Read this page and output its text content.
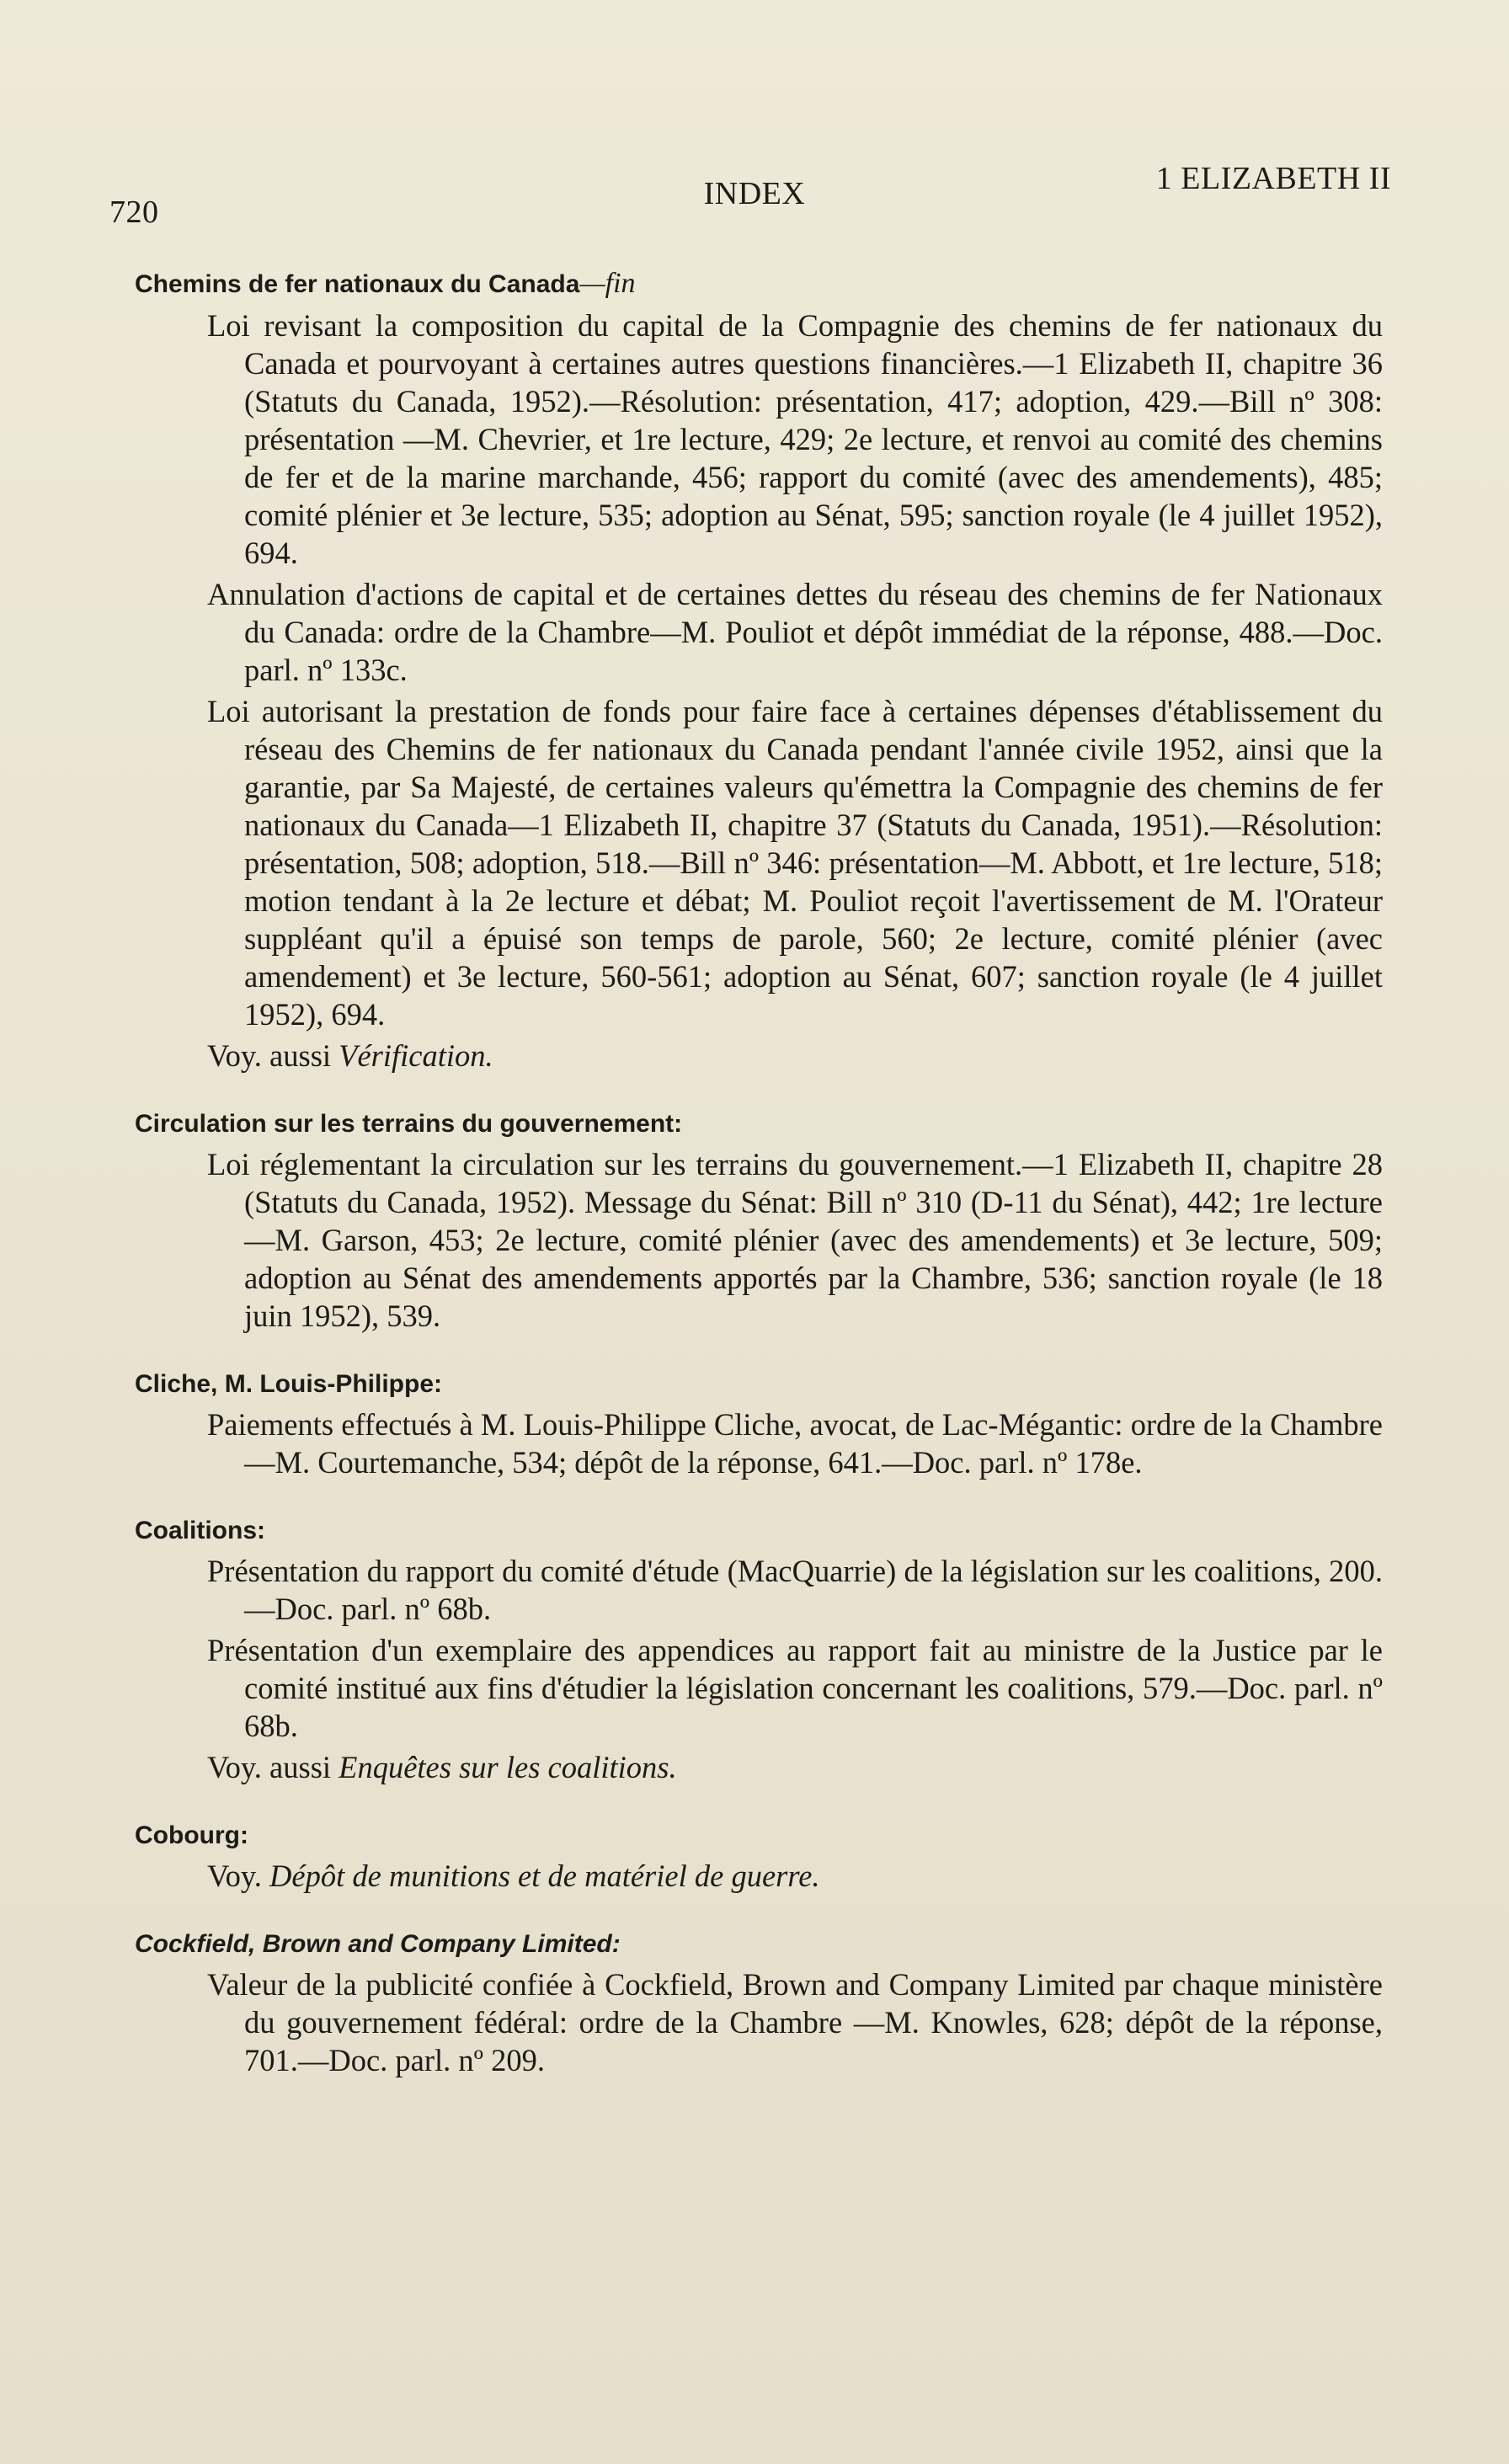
720
INDEX	1 ELIZABETH II
Chemins de fer nationaux du Canada—fin

Loi revisant la composition du capital de la Compagnie des chemins de fer nationaux du Canada et pourvoyant à certaines autres questions financières.—1 Elizabeth II, chapitre 36 (Statuts du Canada, 1952).—Résolution: présentation, 417; adoption, 429.—Bill nº 308: présentation —M. Chevrier, et 1re lecture, 429; 2e lecture, et renvoi au comité des chemins de fer et de la marine marchande, 456; rapport du comité (avec des amendements), 485; comité plénier et 3e lecture, 535; adoption au Sénat, 595; sanction royale (le 4 juillet 1952), 694.

Annulation d'actions de capital et de certaines dettes du réseau des chemins de fer Nationaux du Canada: ordre de la Chambre—M. Pouliot et dépôt immédiat de la réponse, 488.—Doc. parl. nº 133c.

Loi autorisant la prestation de fonds pour faire face à certaines dépenses d'établissement du réseau des Chemins de fer nationaux du Canada pendant l'année civile 1952, ainsi que la garantie, par Sa Majesté, de certaines valeurs qu'émettra la Compagnie des chemins de fer nationaux du Canada—1 Elizabeth II, chapitre 37 (Statuts du Canada, 1951).—Résolution: présentation, 508; adoption, 518.—Bill nº 346: présentation—M. Abbott, et 1re lecture, 518; motion tendant à la 2e lecture et débat; M. Pouliot reçoit l'avertissement de M. l'Orateur suppléant qu'il a épuisé son temps de parole, 560; 2e lecture, comité plénier (avec amendement) et 3e lecture, 560-561; adoption au Sénat, 607; sanction royale (le 4 juillet 1952), 694.

Voy. aussi Vérification.

Circulation sur les terrains du gouvernement:

Loi réglementant la circulation sur les terrains du gouvernement.—1 Elizabeth II, chapitre 28 (Statuts du Canada, 1952). Message du Sénat: Bill nº 310 (D-11 du Sénat), 442; 1re lecture—M. Garson, 453; 2e lecture, comité plénier (avec des amendements) et 3e lecture, 509; adoption au Sénat des amendements apportés par la Chambre, 536; sanction royale (le 18 juin 1952), 539.

Cliche, M. Louis-Philippe:

Paiements effectués à M. Louis-Philippe Cliche, avocat, de Lac-Mégantic: ordre de la Chambre—M. Courtemanche, 534; dépôt de la réponse, 641.—Doc. parl. nº 178e.

Coalitions:

Présentation du rapport du comité d'étude (MacQuarrie) de la législation sur les coalitions, 200.—Doc. parl. nº 68b.

Présentation d'un exemplaire des appendices au rapport fait au ministre de la Justice par le comité institué aux fins d'étudier la législation concernant les coalitions, 579.—Doc. parl. nº 68b.

Voy. aussi Enquêtes sur les coalitions.

Cobourg:

Voy. Dépôt de munitions et de matériel de guerre.

Cockfield, Brown and Company Limited:

Valeur de la publicité confiée à Cockfield, Brown and Company Limited par chaque ministère du gouvernement fédéral: ordre de la Chambre —M. Knowles, 628; dépôt de la réponse, 701.—Doc. parl. nº 209.
